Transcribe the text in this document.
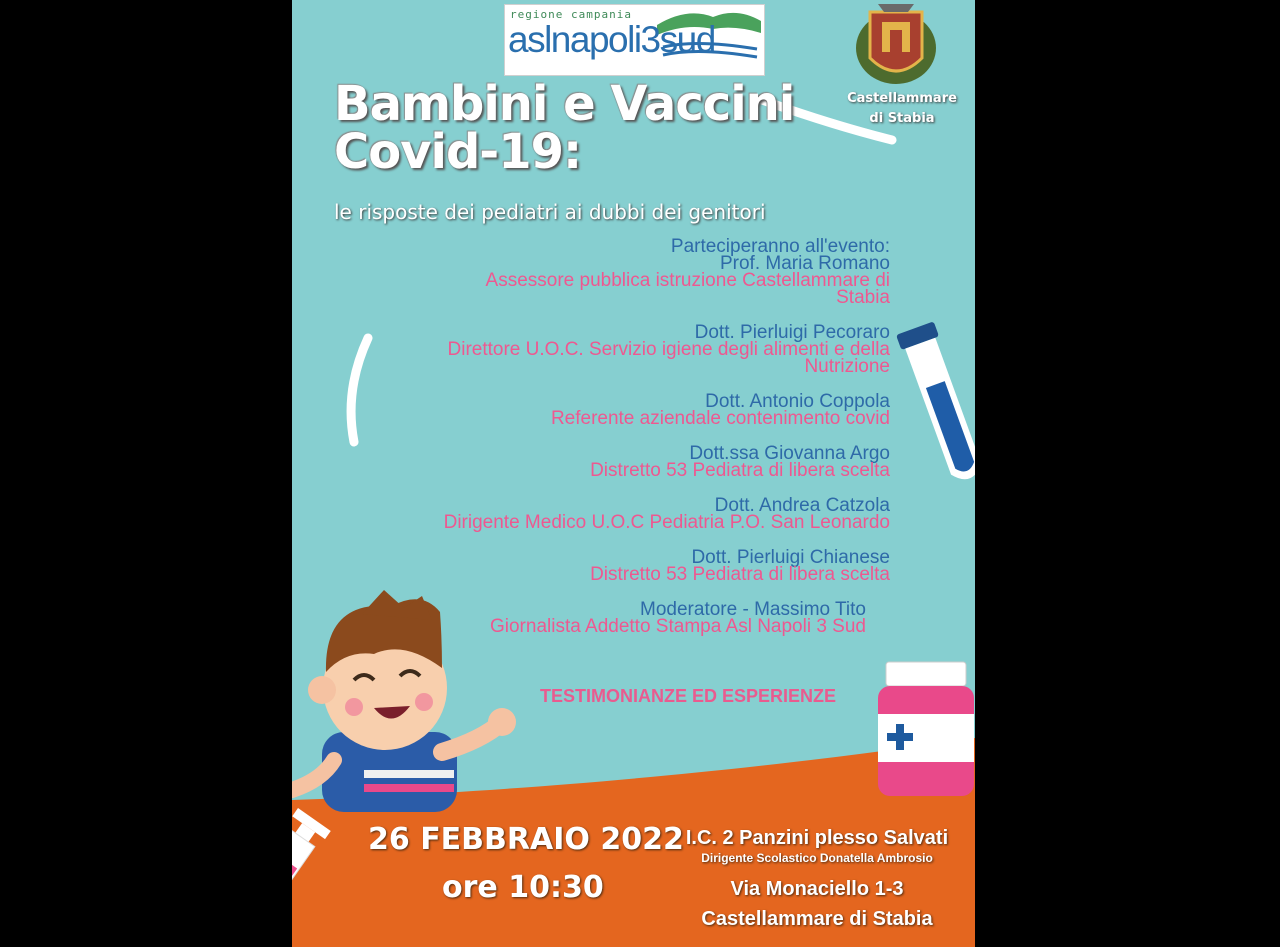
regione campania
aslnapoli3sud
Castellammare
di Stabia
Bambini e Vaccini
Covid-19:
le risposte dei pediatri ai dubbi dei genitori
Parteciperanno all'evento:
Prof. Maria Romano
Assessore pubblica istruzione Castellammare di
Stabia
Dott. Pierluigi Pecoraro
Direttore U.O.C. Servizio igiene degli alimenti e della
Nutrizione
Dott. Antonio Coppola
Referente aziendale contenimento covid
Dott.ssa Giovanna Argo
Distretto 53 Pediatra di libera scelta
Dott. Andrea Catzola
Dirigente Medico U.O.C Pediatria P.O. San Leonardo
Dott. Pierluigi Chianese
Distretto 53 Pediatra di libera scelta
Moderatore - Massimo Tito
Giornalista Addetto Stampa Asl Napoli 3 Sud
TESTIMONIANZE ED ESPERIENZE
26 FEBBRAIO 2022
ore 10:30
I.C. 2 Panzini plesso Salvati
Dirigente Scolastico Donatella Ambrosio
Via Monaciello 1-3
Castellammare di Stabia
